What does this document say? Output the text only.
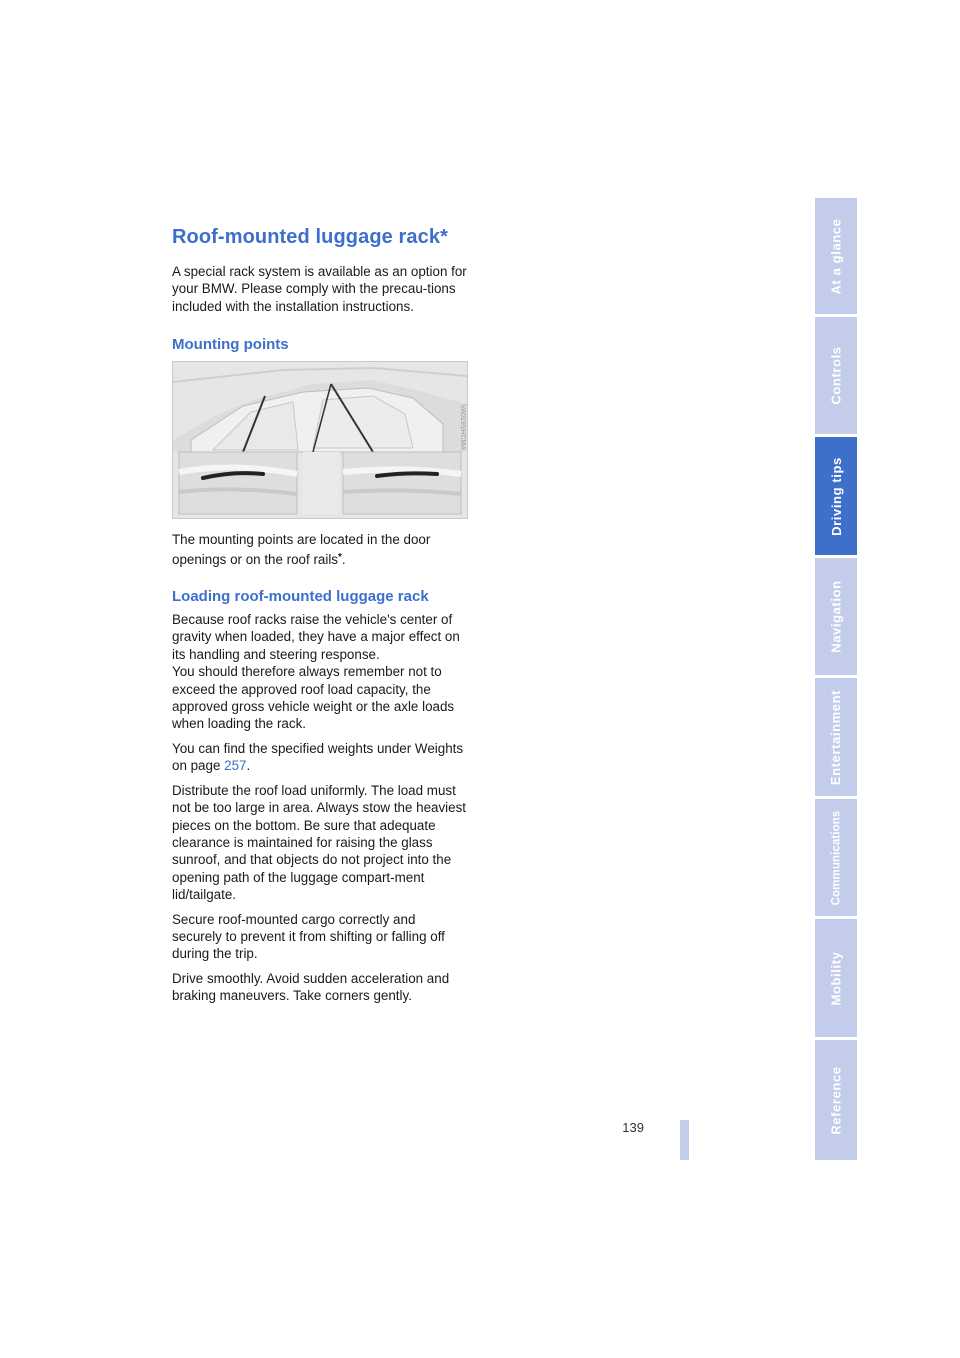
Roof-mounted luggage rack*

A special rack system is available as an option for your BMW. Please comply with the precau-tions included with the installation instructions.

Mounting points
VA019SHCMA

The mounting points are located in the door openings or on the roof rails*.

Loading roof-mounted luggage rack

Because roof racks raise the vehicle's center of gravity when loaded, they have a major effect on its handling and steering response.

You should therefore always remember not to exceed the approved roof load capacity, the approved gross vehicle weight or the axle loads when loading the rack.

You can find the specified weights under Weights on page 257.

Distribute the roof load uniformly. The load must not be too large in area. Always stow the heaviest pieces on the bottom. Be sure that adequate clearance is maintained for raising the glass sunroof, and that objects do not project into the opening path of the luggage compart-ment lid/tailgate.

Secure roof-mounted cargo correctly and securely to prevent it from shifting or falling off during the trip.

Drive smoothly. Avoid sudden acceleration and braking maneuvers. Take corners gently.

139
At a glance
Controls
Driving tips
Navigation
Entertainment
Communications
Mobility
Reference
